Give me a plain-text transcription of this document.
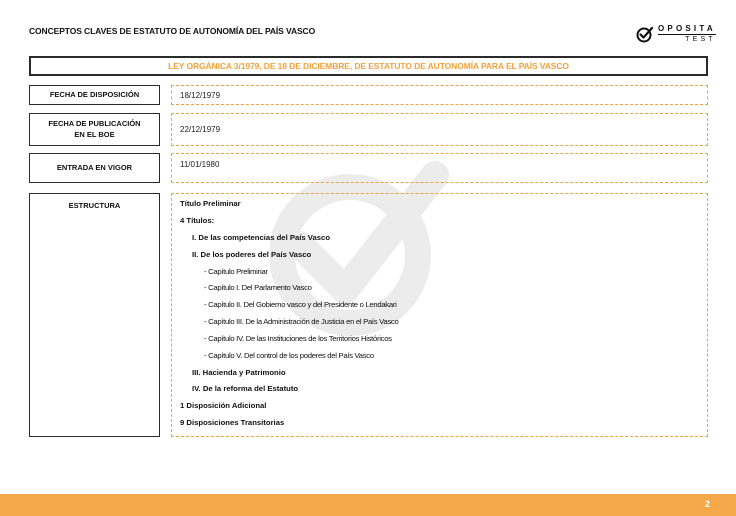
CONCEPTOS CLAVES DE ESTATUTO DE AUTONOMÍA DEL PAÍS VASCO	OPOSITA
TEST
LEY ORGÁNICA 3/1979, DE 18 DE DICIEMBRE, DE ESTATUTO DE AUTONOMÍA PARA EL PAÍS VASCO
FECHA DE DISPOSICIÓN	18/12/1979
FECHA DE PUBLICACIÓN
EN EL BOE	22/12/1979
ENTRADA EN VIGOR	11/01/1980
ESTRUCTURA	Título Preliminar
4 Títulos:
I. De las competencias del País Vasco
II. De los poderes del País Vasco
- Capítulo Preliminar
- Capítulo I. Del Parlamento Vasco
- Capítulo II. Del Gobierno vasco y del Presidente o Lendakari
- Capítulo III. De la Administración de Justicia en el País Vasco
- Capítulo IV. De las Instituciones de los Territorios Históricos
- Capítulo V. Del control de los poderes del País Vasco
III. Hacienda y Patrimonio
IV. De la reforma del Estatuto
1 Disposición Adicional
9 Disposiciones Transitorias
2
